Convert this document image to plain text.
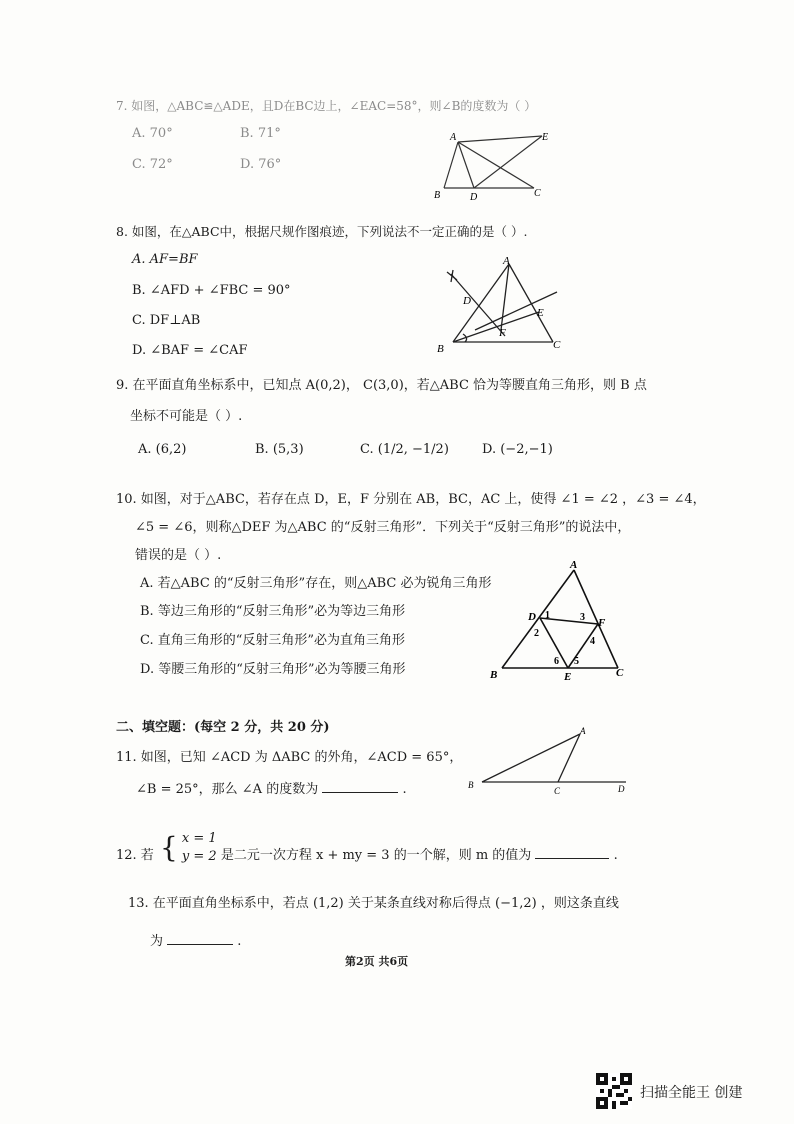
7. 如图，△ABC≌△ADE，且D在BC边上，∠EAC=58°，则∠B的度数为（ ）
A. 70°	B. 71°
C. 72°	D. 76°
A	E
B	D	C
8. 如图，在△ABC中，根据尺规作图痕迹，下列说法不一定正确的是（ ）.
A. AF=BF
B. ∠AFD + ∠FBC = 90°
C. DF⊥AB
D. ∠BAF = ∠CAF
A
D
E
F
B	C
9. 在平面直角坐标系中，已知点 A(0,2)， C(3,0)，若△ABC 恰为等腰直角三角形，则 B 点
坐标不可能是（ ）.
A. (6,2)	B. (5,3)	C. (1/2, −1/2)	D. (−2,−1)
10. 如图，对于△ABC，若存在点 D，E，F 分别在 AB，BC，AC 上，使得 ∠1 = ∠2 ，∠3 = ∠4，
∠5 = ∠6，则称△DEF 为△ABC 的“反射三角形”．下列关于“反射三角形”的说法中，
错误的是（ ）.
A. 若△ABC 的“反射三角形”存在，则△ABC 必为锐角三角形
B. 等边三角形的“反射三角形”必为等边三角形
C. 直角三角形的“反射三角形”必为直角三角形
D. 等腰三角形的“反射三角形”必为等腰三角形
A
D 1	3 F
2
4
6 5
B	E	C
二、填空题：(每空 2 分，共 20 分)
11. 如图，已知 ∠ACD 为 ΔABC 的外角，∠ACD = 65°，
∠B = 25°，那么 ∠A 的度数为	.
A
B
C	D
12. 若 { x = 1
y = 2 是二元一次方程 x + my = 3 的一个解，则 m 的值为	.
13. 在平面直角坐标系中，若点 (1,2) 关于某条直线对称后得点 (−1,2) ，则这条直线
为	.
第2页 共6页
扫描全能王 创建
